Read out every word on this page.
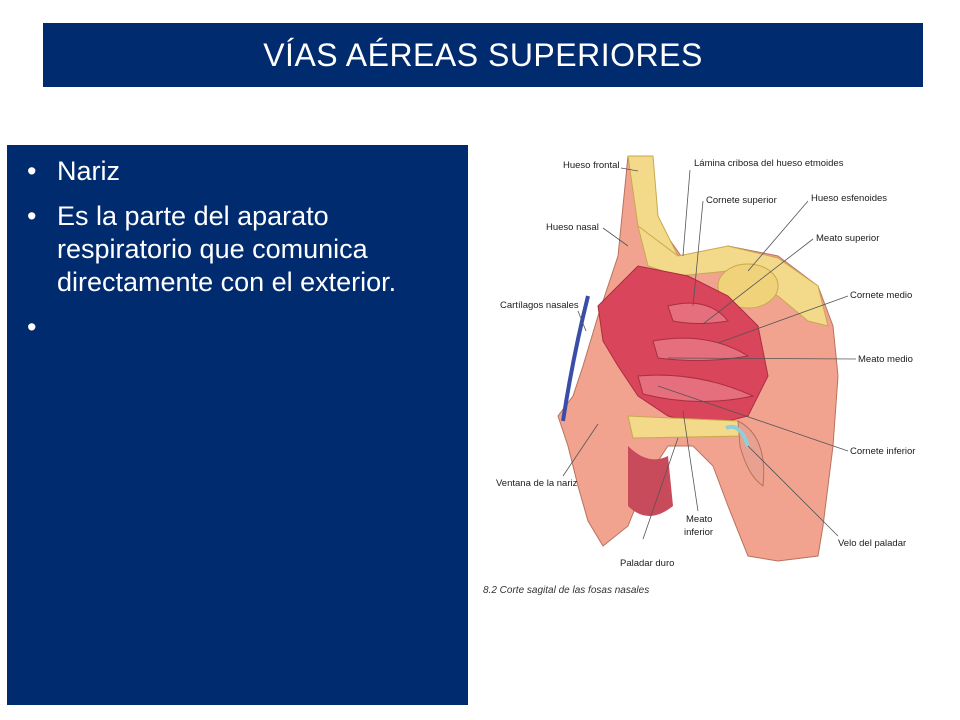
VÍAS AÉREAS SUPERIORES
• Nariz
• Es la parte del aparato respiratorio que comunica directamente con el exterior.
•
Hueso frontal	Lámina cribosa del hueso etmoides
Cornete superior	Hueso esfenoides
Hueso nasal
Meato superior
Cartílagos nasales
Cornete medio
Meato medio
Cornete inferior
Ventana de la nariz
Meato
inferior
Velo del paladar
Paladar duro
8.2 Corte sagital de las fosas nasales
